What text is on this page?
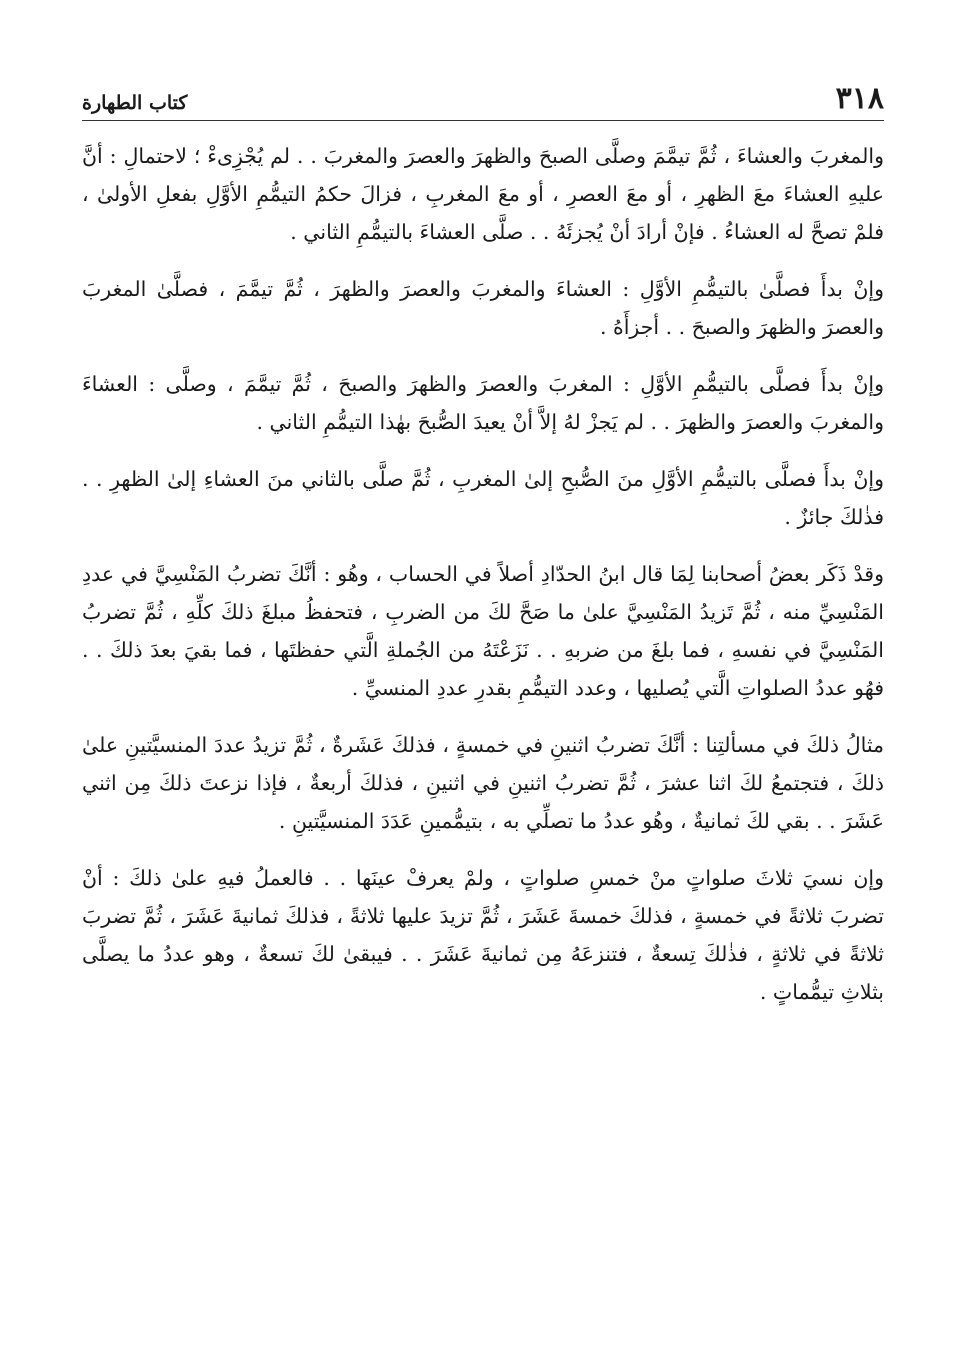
٣١٨
كتاب الطهارة

والمغربَ والعشاءَ ، ثُمَّ تيمَّمَ وصلَّى الصبحَ والظهرَ والعصرَ والمغربَ . . لم يُجْزِىءْ ؛ لاحتمالِ : أنَّ عليهِ العشاءَ معَ الظهرِ ، أو معَ العصرِ ، أو معَ المغربِ ، فزالَ حكمُ التيمُّمِ الأوَّلِ بفعلِ الأولىٰ ، فلمْ تصحَّ له العشاءُ . فإنْ أرادَ أنْ يُجزئَهُ . . صلَّى العشاءَ بالتيمُّمِ الثاني .

وإنْ بدأَ فصلَّىٰ بالتيمُّمِ الأوَّلِ : العشاءَ والمغربَ والعصرَ والظهرَ ، ثُمَّ تيمَّمَ ، فصلَّىٰ المغربَ والعصرَ والظهرَ والصبحَ . . أجزأَهُ .

وإنْ بدأَ فصلَّى بالتيمُّمِ الأوَّلِ : المغربَ والعصرَ والظهرَ والصبحَ ، ثُمَّ تيمَّمَ ، وصلَّى : العشاءَ والمغربَ والعصرَ والظهرَ . . لم يَجزْ لهُ إلاَّ أنْ يعيدَ الصُّبحَ بهٰذا التيمُّمِ الثاني .

وإنْ بدأَ فصلَّى بالتيمُّمِ الأوَّلِ منَ الصُّبحِ إلىٰ المغربِ ، ثُمَّ صلَّى بالثاني منَ العشاءِ إلىٰ الظهرِ . . فذٰلكَ جائزٌ .

وقدْ ذَكَر بعضُ أصحابنا لِمَا قال ابنُ الحدّادِ أصلاً في الحساب ، وهُو : أنَّكَ تضربُ المَنْسِيَّ في عددِ المَنْسِيِّ منه ، ثُمَّ تَزيدُ المَنْسِيَّ علىٰ ما صَحَّ لكَ من الضربِ ، فتحفظُ مبلغَ ذلكَ كلِّهِ ، ثُمَّ تضربُ المَنْسِيَّ في نفسهِ ، فما بلغَ من ضربهِ . . نَزَعْتَهُ من الجُملةِ الَّتي حفظتَها ، فما بقيَ بعدَ ذلكَ . . فهُو عددُ الصلواتِ الَّتي يُصليها ، وعدد التيمُّمِ بقدرِ عددِ المنسيِّ .

مثالُ ذلكَ في مسألتِنا : أنَّكَ تضربُ اثنينِ في خمسةٍ ، فذلكَ عَشَرةٌ ، ثُمَّ تزيدُ عددَ المنسيَّتينِ علىٰ ذلكَ ، فتجتمعُ لكَ اثنا عشرَ ، ثُمَّ تضربُ اثنينِ في اثنينِ ، فذلكَ أربعةٌ ، فإذا نزعتَ ذلكَ مِن اثني عَشَرَ . . بقي لكَ ثمانيةٌ ، وهُو عددُ ما تصلِّي به ، بتيمُّمينِ عَدَدَ المنسيَّتينِ .

وإن نسيَ ثلاثَ صلواتٍ منْ خمسِ صلواتٍ ، ولمْ يعرفْ عينَها . . فالعملُ فيهِ علىٰ ذلكَ : أنْ تضربَ ثلاثةً في خمسةٍ ، فذلكَ خمسةَ عَشَرَ ، ثُمَّ تزيدَ عليها ثلاثةً ، فذلكَ ثمانيةَ عَشَرَ ، ثُمَّ تضربَ ثلاثةً في ثلاثةٍ ، فذٰلكَ تِسعةٌ ، فتنزعَهُ مِن ثمانيةَ عَشَرَ . . فيبقىٰ لكَ تسعةٌ ، وهو عددُ ما يصلَّى بثلاثِ تيمُّماتٍ .
